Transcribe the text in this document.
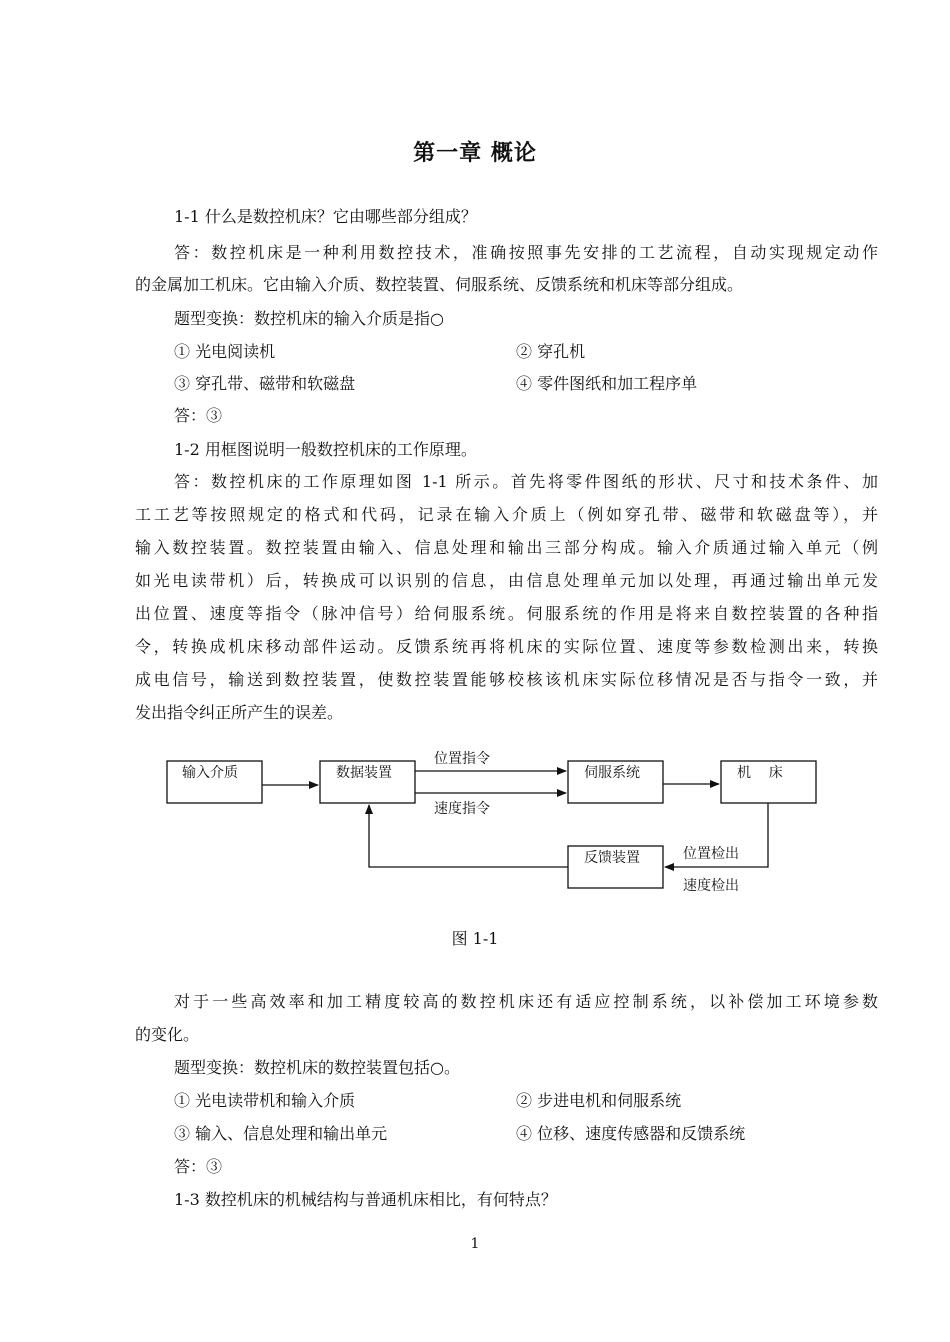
第一章 概论
1-1 什么是数控机床？它由哪些部分组成？
答：数控机床是一种利用数控技术，准确按照事先安排的工艺流程，自动实现规定动作
的金属加工机床。它由输入介质、数控装置、伺服系统、反馈系统和机床等部分组成。
题型变换：数控机床的输入介质是指○
① 光电阅读机	② 穿孔机
③ 穿孔带、磁带和软磁盘	④ 零件图纸和加工程序单
答：③
1-2 用框图说明一般数控机床的工作原理。
答：数控机床的工作原理如图 1-1 所示。首先将零件图纸的形状、尺寸和技术条件、加
工工艺等按照规定的格式和代码，记录在输入介质上（例如穿孔带、磁带和软磁盘等），并
输入数控装置。数控装置由输入、信息处理和输出三部分构成。输入介质通过输入单元（例
如光电读带机）后，转换成可以识别的信息，由信息处理单元加以处理，再通过输出单元发
出位置、速度等指令（脉冲信号）给伺服系统。伺服系统的作用是将来自数控装置的各种指
令，转换成机床移动部件运动。反馈系统再将机床的实际位置、速度等参数检测出来，转换
成电信号，输送到数控装置，使数控装置能够校核该机床实际位移情况是否与指令一致，并
发出指令纠正所产生的误差。
输入介质	数据装置	伺服系统	机    床
反馈装置
位置指令
速度指令
位置检出
速度检出
图 1-1
对于一些高效率和加工精度较高的数控机床还有适应控制系统，以补偿加工环境参数
的变化。
题型变换：数控机床的数控装置包括○。
① 光电读带机和输入介质	② 步进电机和伺服系统
③ 输入、信息处理和输出单元	④ 位移、速度传感器和反馈系统
答：③
1-3 数控机床的机械结构与普通机床相比，有何特点？
1
